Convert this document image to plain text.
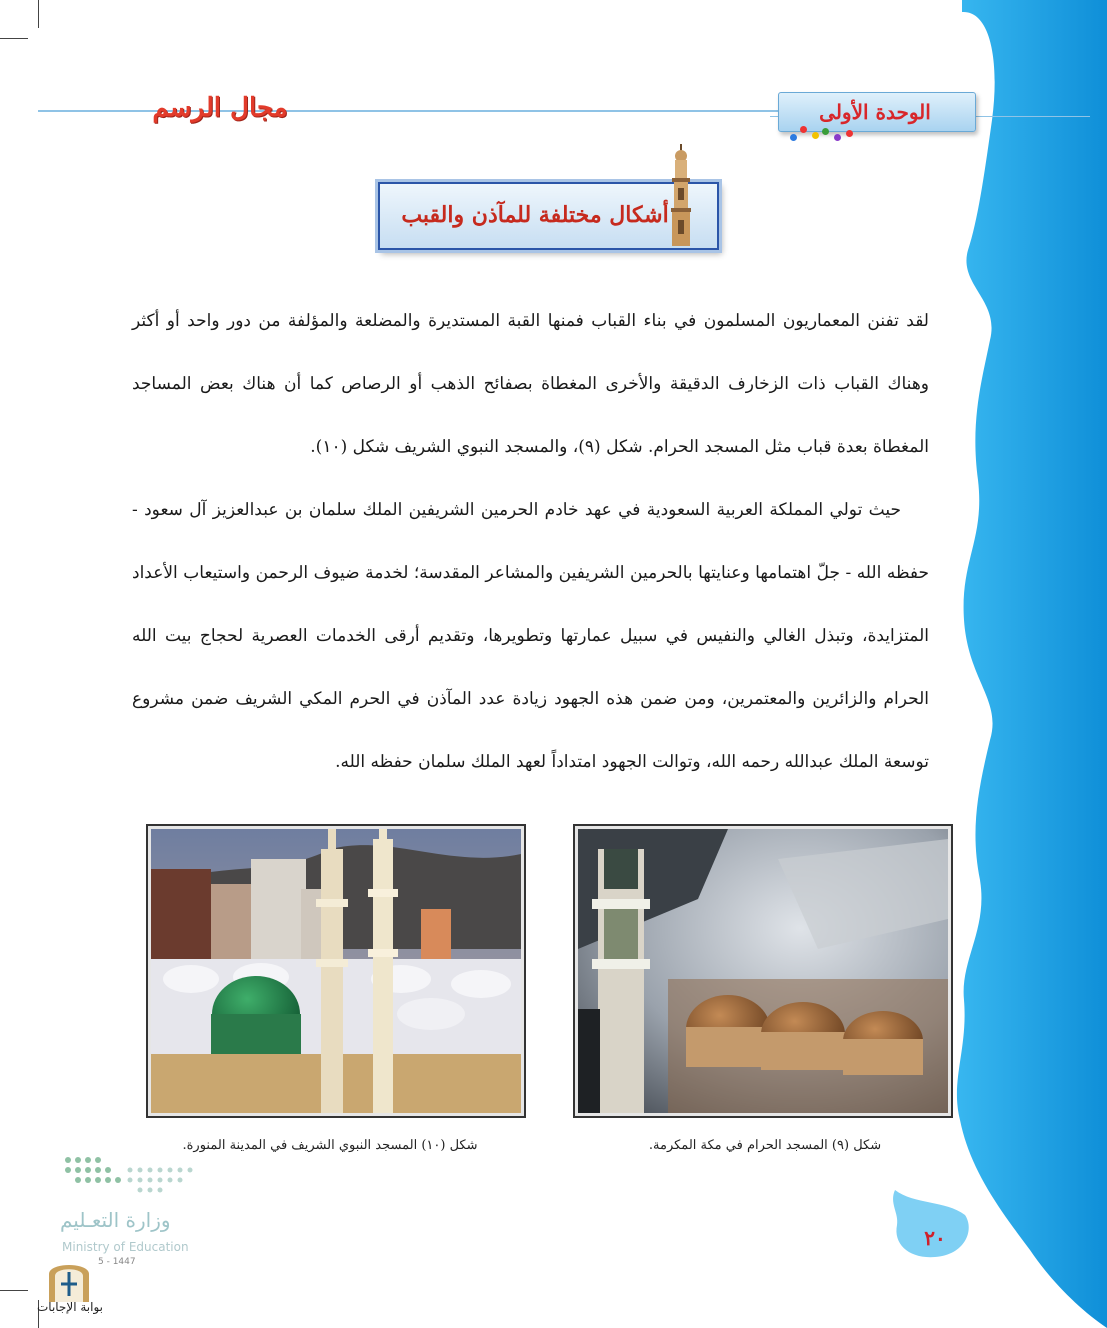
مجال الرسم	الوحدة الأولى
أشكال مختلفة للمآذن والقبب

لقد تفنن المعماريون المسلمون في بناء القباب فمنها القبة المستديرة والمضلعة والمؤلفة من دور واحد أو أكثر وهناك القباب ذات الزخارف الدقيقة والأخرى المغطاة بصفائح الذهب أو الرصاص كما أن هناك بعض المساجد المغطاة بعدة قباب مثل المسجد الحرام. شكل (٩)، والمسجد النبوي الشريف شكل (١٠).

حيث تولي المملكة العربية السعودية في عهد خادم الحرمين الشريفين الملك سلمان بن عبدالعزيز آل سعود - حفظه الله - جلّ اهتمامها وعنايتها بالحرمين الشريفين والمشاعر المقدسة؛ لخدمة ضيوف الرحمن واستيعاب الأعداد المتزايدة، وتبذل الغالي والنفيس في سبيل عمارتها وتطويرها، وتقديم أرقى الخدمات العصرية لحجاج بيت الله الحرام والزائرين والمعتمرين، ومن ضمن هذه الجهود زيادة عدد المآذن في الحرم المكي الشريف ضمن مشروع توسعة الملك عبدالله رحمه الله، وتوالت الجهود امتداداً لعهد الملك سلمان حفظه الله.

شكل (٩) المسجد الحرام في مكة المكرمة.
شكل (١٠) المسجد النبوي الشريف في المدينة المنورة.
٢٠
وزارة التعـليم
Ministry of Education
5 - 1447
بوابة الإجابات
